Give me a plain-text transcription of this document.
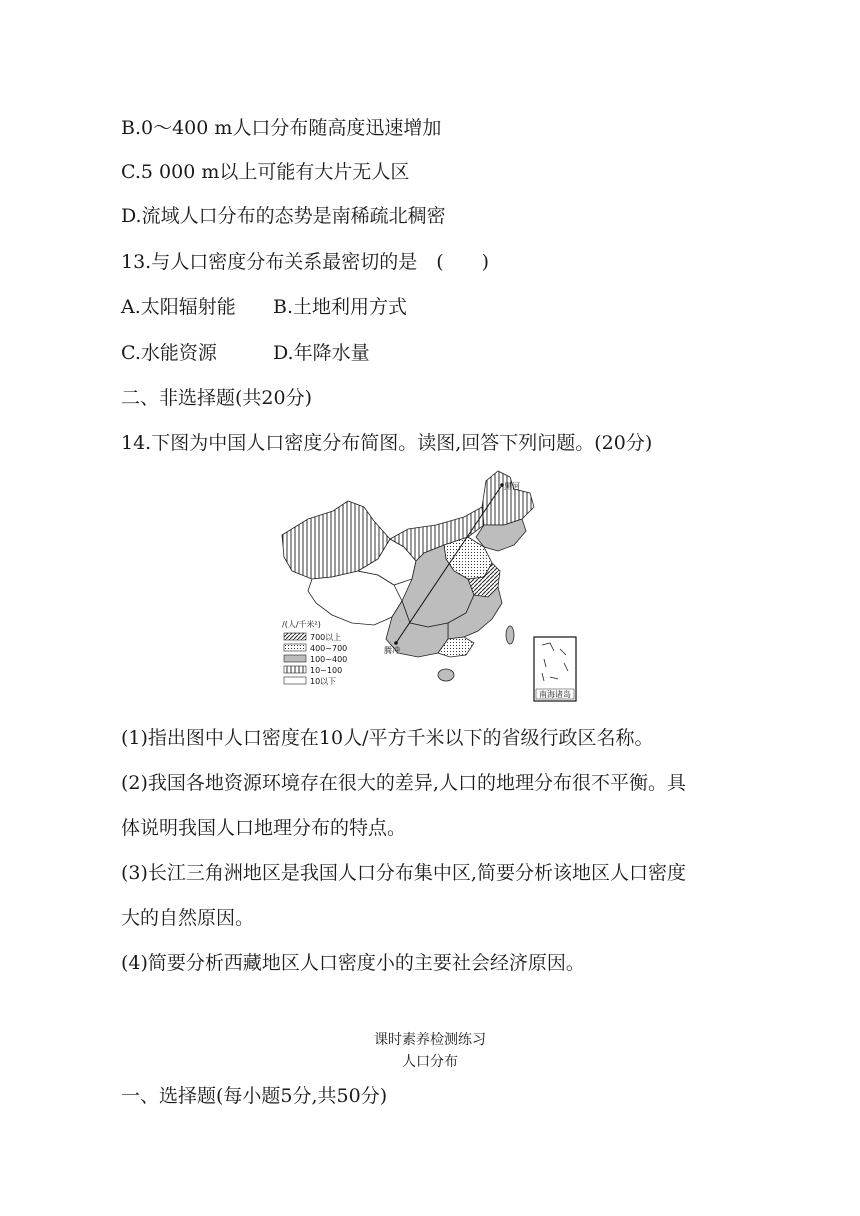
B.0～400 m人口分布随高度迅速增加
C.5 000 m以上可能有大片无人区
D.流域人口分布的态势是南稀疏北稠密
13.与人口密度分布关系最密切的是　(　　)
A.太阳辐射能 B.土地利用方式
C.水能资源	D.年降水量
二、非选择题(共20分)
14.下图为中国人口密度分布简图。读图,回答下列问题。(20分)
黑河
腾冲
/(人/千米²)
700以上
400~700
100~400
10~100
10以下
南海诸岛
(1)指出图中人口密度在10人/平方千米以下的省级行政区名称。
(2)我国各地资源环境存在很大的差异,人口的地理分布很不平衡。具
体说明我国人口地理分布的特点。
(3)长江三角洲地区是我国人口分布集中区,简要分析该地区人口密度
大的自然原因。
(4)简要分析西藏地区人口密度小的主要社会经济原因。
课时素养检测练习
人口分布
一、选择题(每小题5分,共50分)
